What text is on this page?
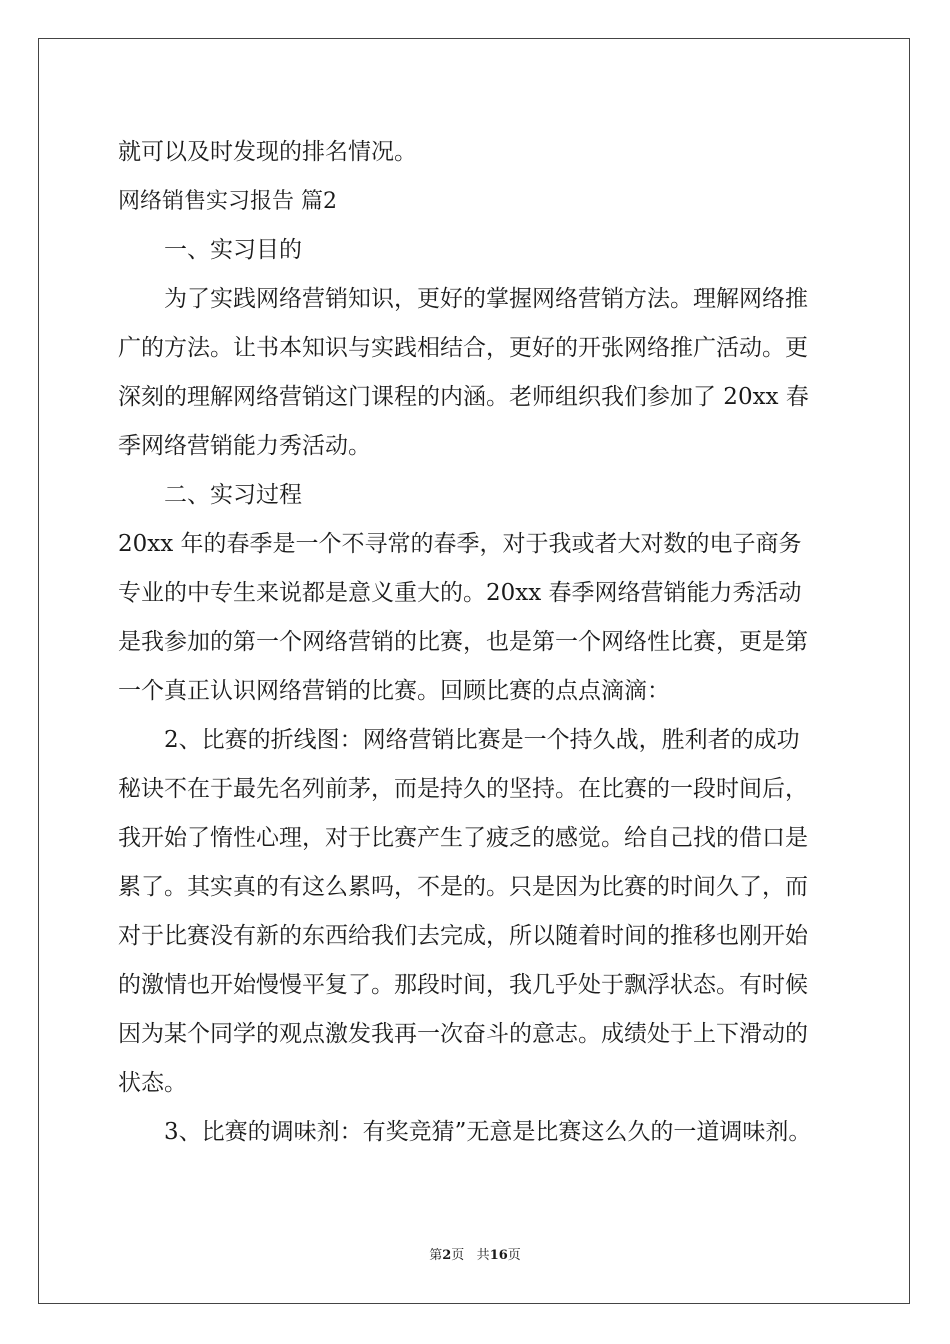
就可以及时发现的排名情况。
网络销售实习报告 篇2
一、实习目的
为了实践网络营销知识，更好的掌握网络营销方法。理解网络推
广的方法。让书本知识与实践相结合，更好的开张网络推广活动。更
深刻的理解网络营销这门课程的内涵。老师组织我们参加了 20xx 春
季网络营销能力秀活动。
二、实习过程
20xx 年的春季是一个不寻常的春季，对于我或者大对数的电子商务
专业的中专生来说都是意义重大的。20xx 春季网络营销能力秀活动
是我参加的第一个网络营销的比赛，也是第一个网络性比赛，更是第
一个真正认识网络营销的比赛。回顾比赛的点点滴滴：
2、比赛的折线图：网络营销比赛是一个持久战，胜利者的成功
秘诀不在于最先名列前茅，而是持久的坚持。在比赛的一段时间后，
我开始了惰性心理，对于比赛产生了疲乏的感觉。给自己找的借口是
累了。其实真的有这么累吗，不是的。只是因为比赛的时间久了，而
对于比赛没有新的东西给我们去完成，所以随着时间的推移也刚开始
的激情也开始慢慢平复了。那段时间，我几乎处于飘浮状态。有时候
因为某个同学的观点激发我再一次奋斗的意志。成绩处于上下滑动的
状态。
3、比赛的调味剂：有奖竞猜”无意是比赛这么久的一道调味剂。
第2页 共16页
